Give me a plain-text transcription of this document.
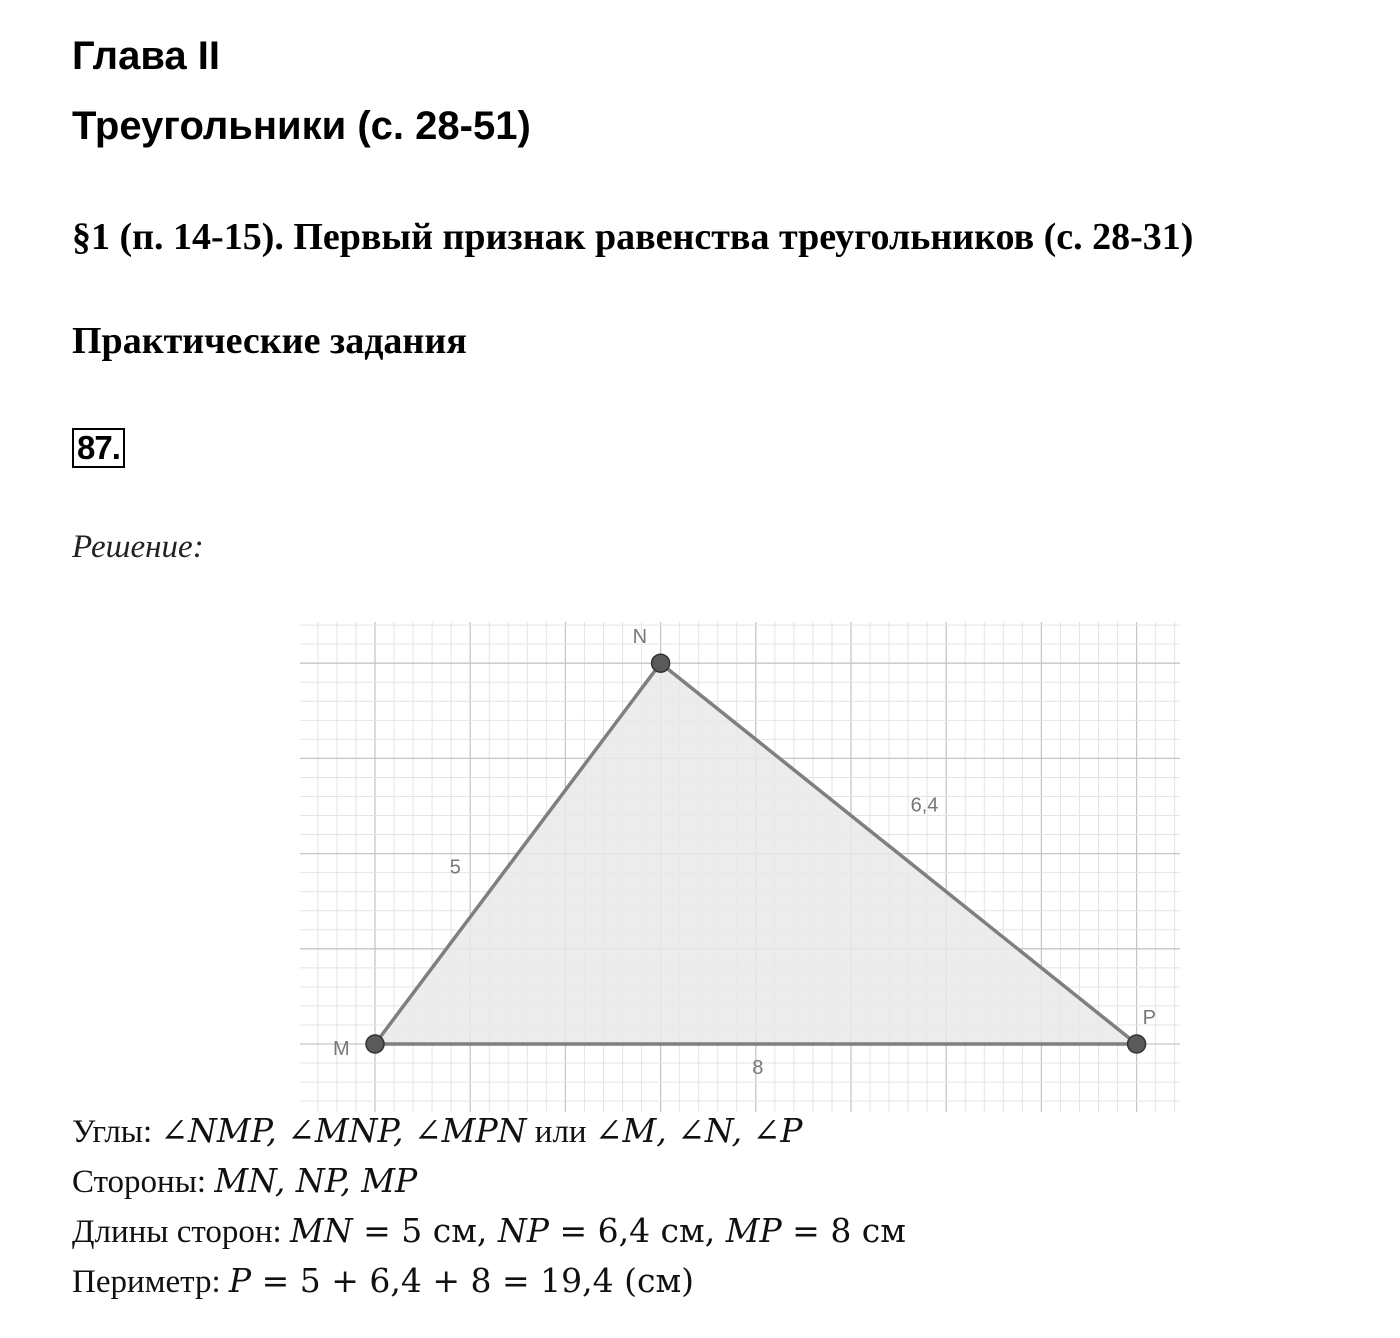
Глава II
Треугольники (с. 28-51)
§1 (п. 14-15). Первый признак равенства треугольников (с. 28-31)
Практические задания
87.
Решение:
M
N
P
5
6,4
8
Углы: ∠NMP, ∠MNP, ∠MPN или ∠M, ∠N, ∠P
Стороны: MN, NP, MP
Длины сторон: MN = 5 см, NP = 6,4 см, MP = 8 см
Периметр: P = 5 + 6,4 + 8 = 19,4 (см)
